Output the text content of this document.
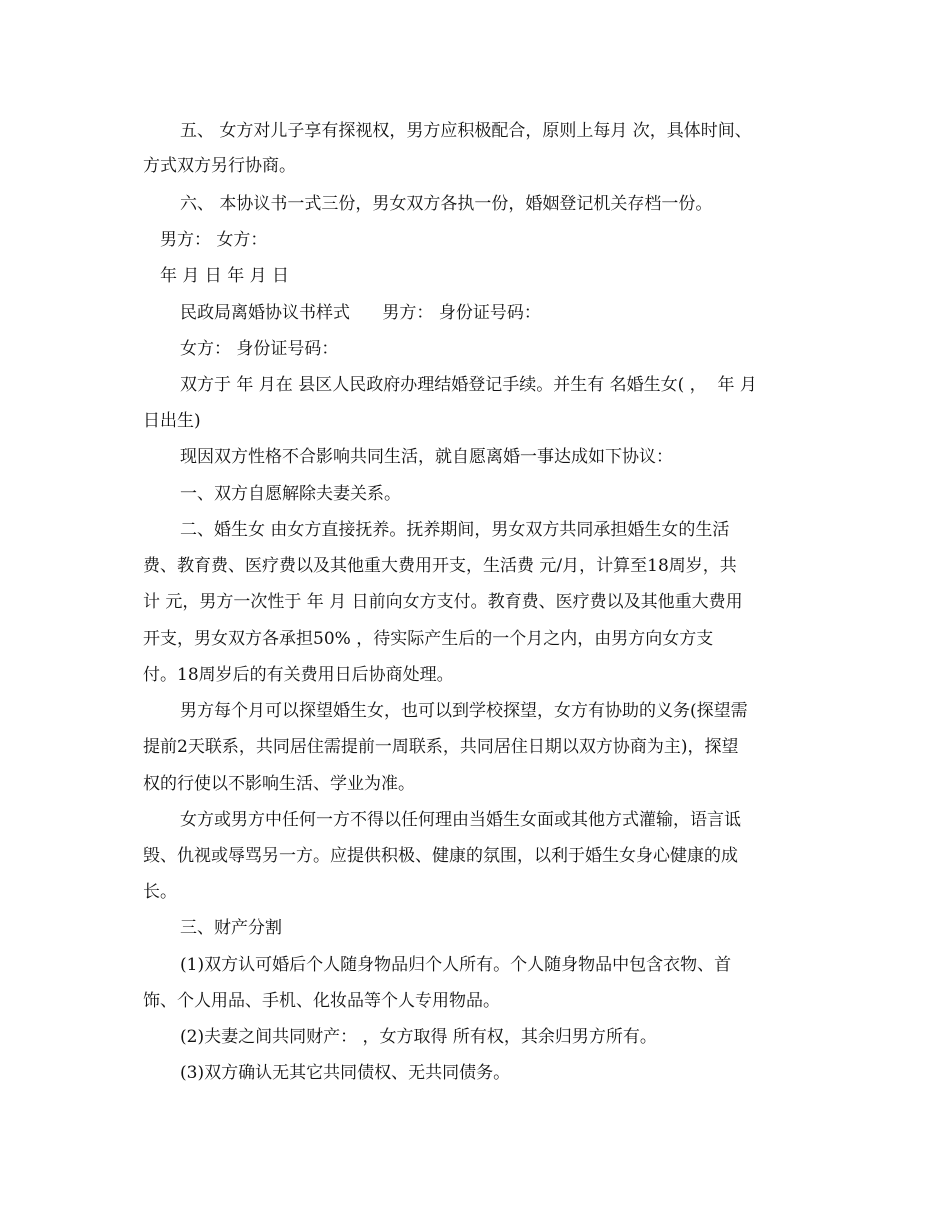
五、 女方对儿子享有探视权，男方应积极配合，原则上每月 次，具体时间、
方式双方另行协商。
六、 本协议书一式三份，男女双方各执一份，婚姻登记机关存档一份。
男方： 女方：
年 月 日 年 月 日
民政局离婚协议书样式      男方： 身份证号码：
女方： 身份证号码：
双方于 年 月在 县区人民政府办理结婚登记手续。并生有 名婚生女( ，  年 月
日出生)
现因双方性格不合影响共同生活，就自愿离婚一事达成如下协议：
一、双方自愿解除夫妻关系。
二、婚生女 由女方直接抚养。抚养期间，男女双方共同承担婚生女的生活
费、教育费、医疗费以及其他重大费用开支，生活费 元/月，计算至18周岁，共
计 元，男方一次性于 年 月 日前向女方支付。教育费、医疗费以及其他重大费用
开支，男女双方各承担50% ，待实际产生后的一个月之内，由男方向女方支
付。18周岁后的有关费用日后协商处理。
男方每个月可以探望婚生女，也可以到学校探望，女方有协助的义务(探望需
提前2天联系，共同居住需提前一周联系，共同居住日期以双方协商为主)，探望
权的行使以不影响生活、学业为准。
女方或男方中任何一方不得以任何理由当婚生女面或其他方式灌输，语言诋
毁、仇视或辱骂另一方。应提供积极、健康的氛围，以利于婚生女身心健康的成
长。
三、财产分割
(1)双方认可婚后个人随身物品归个人所有。个人随身物品中包含衣物、首
饰、个人用品、手机、化妆品等个人专用物品。
(2)夫妻之间共同财产： ，女方取得 所有权，其余归男方所有。
(3)双方确认无其它共同债权、无共同债务。
